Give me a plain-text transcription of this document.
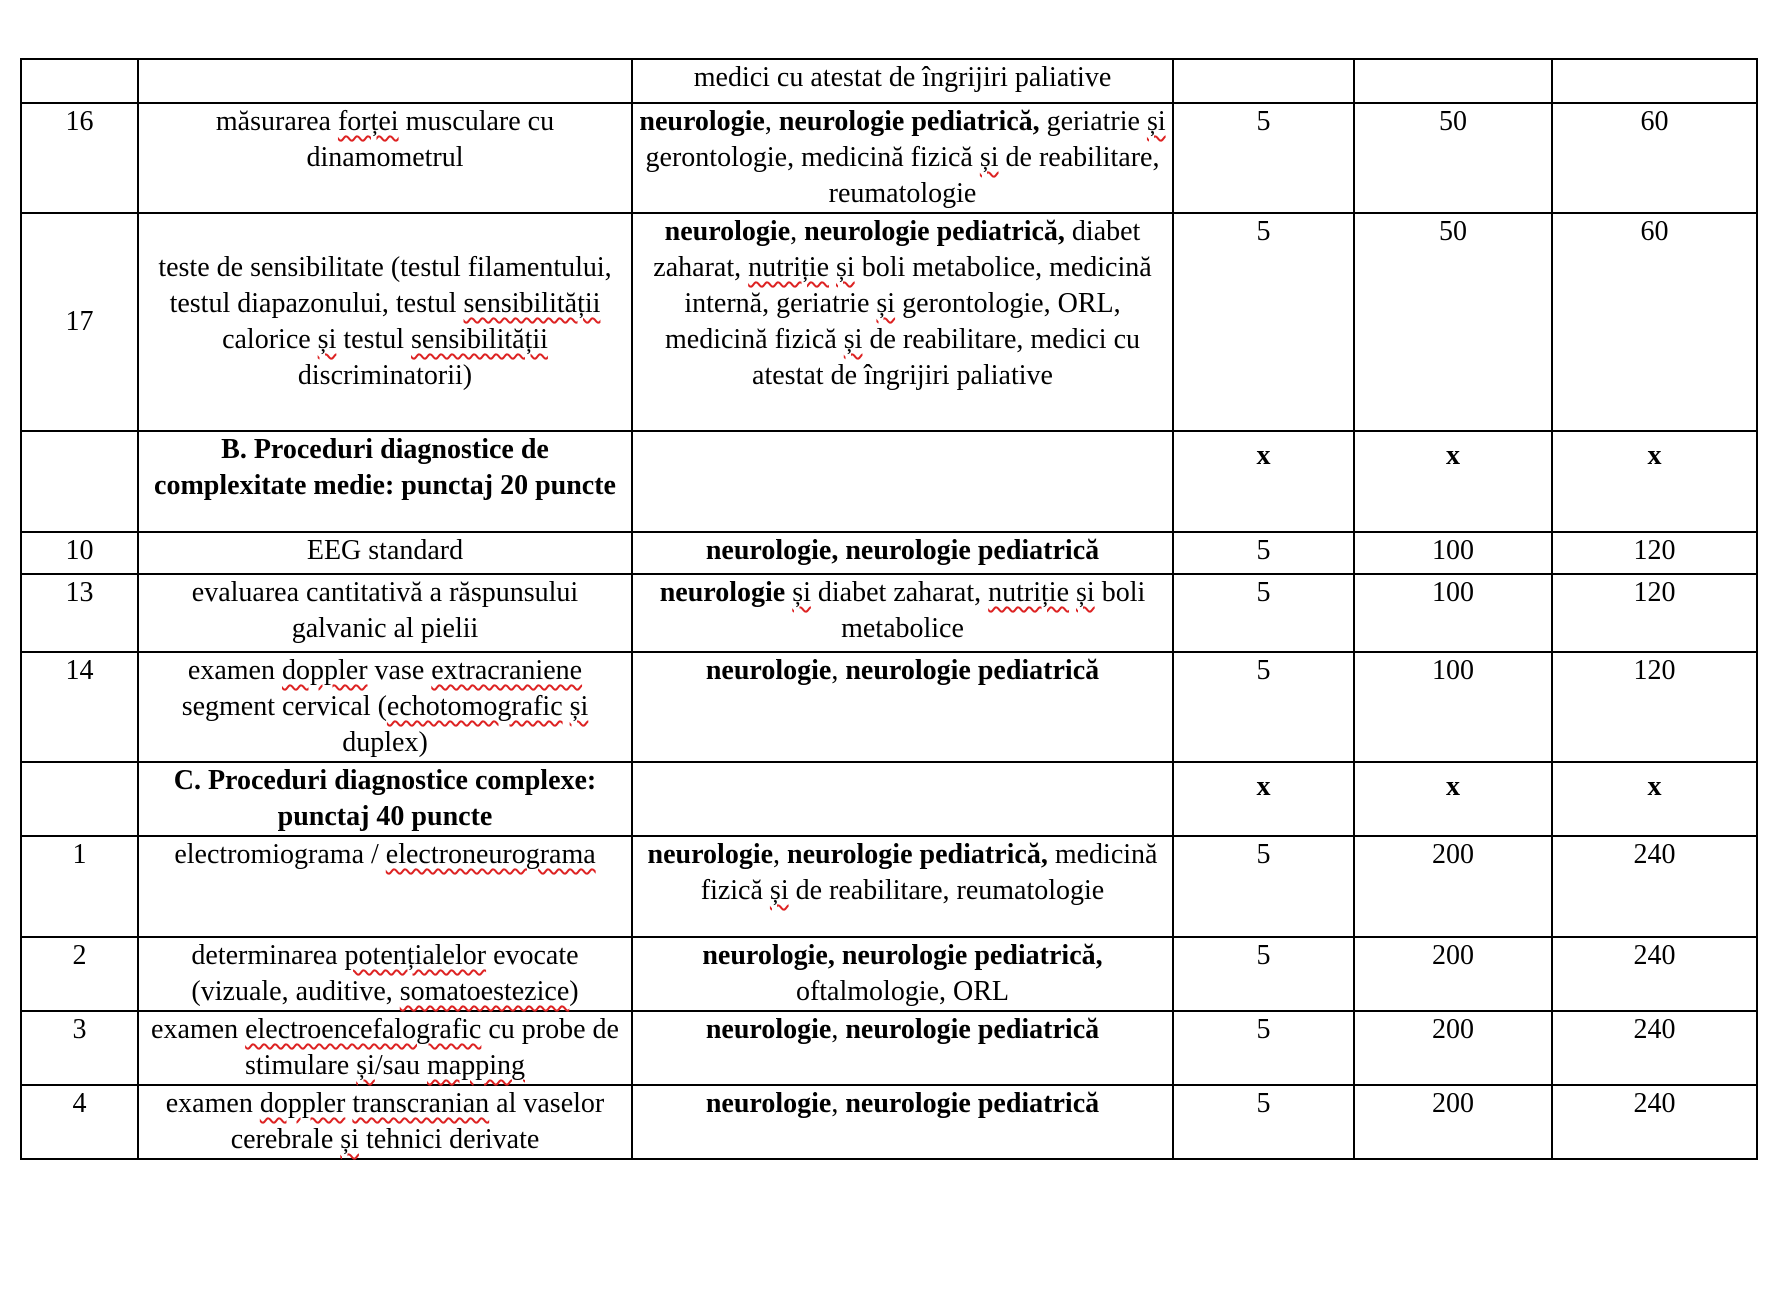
		medici cu atestat de îngrijiri paliative			
16	măsurarea forței musculare cu dinamometrul	neurologie, neurologie pediatrică, geriatrie și gerontologie, medicină fizică și de reabilitare, reumatologie	5	50	60
17	teste de sensibilitate (testul filamentului, testul diapazonului, testul sensibilității calorice și testul sensibilității discriminatorii)	neurologie, neurologie pediatrică, diabet zaharat, nutriție și boli metabolice, medicină internă, geriatrie și gerontologie, ORL, medicină fizică și de reabilitare, medici cu atestat de îngrijiri paliative	5	50	60
	B. Proceduri diagnostice de complexitate medie: punctaj 20 puncte		x	x	x
10	EEG standard	neurologie, neurologie pediatrică	5	100	120
13	evaluarea cantitativă a răspunsului galvanic al pielii	neurologie și diabet zaharat, nutriție și boli metabolice	5	100	120
14	examen doppler vase extracraniene segment cervical (echotomografic și duplex)	neurologie, neurologie pediatrică	5	100	120
	C. Proceduri diagnostice complexe: punctaj 40 puncte		x	x	x
1	electromiograma / electroneurograma	neurologie, neurologie pediatrică, medicină fizică și de reabilitare, reumatologie	5	200	240
2	determinarea potențialelor evocate (vizuale, auditive, somatoestezice)	neurologie, neurologie pediatrică, oftalmologie, ORL	5	200	240
3	examen electroencefalografic cu probe de stimulare și/sau mapping	neurologie, neurologie pediatrică	5	200	240
4	examen doppler transcranian al vaselor cerebrale și tehnici derivate	neurologie, neurologie pediatrică	5	200	240
